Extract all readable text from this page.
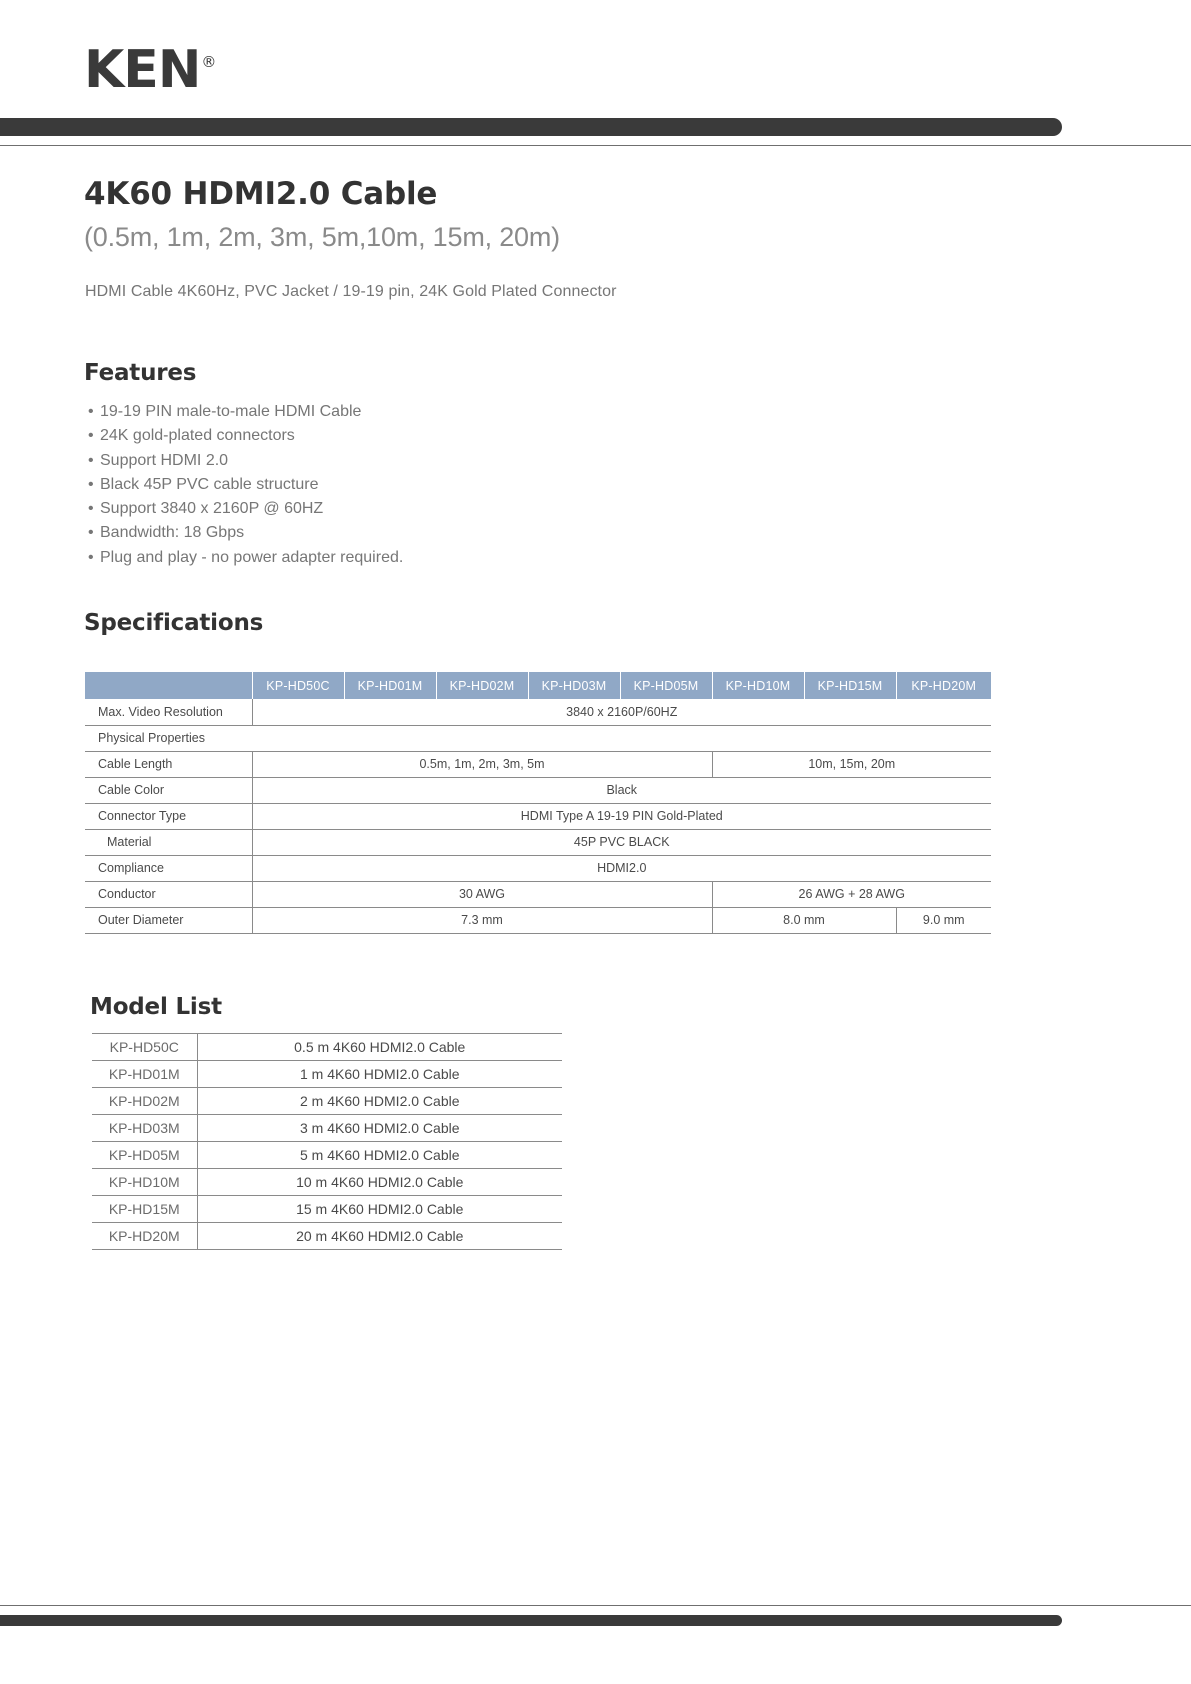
KEN®
4K60 HDMI2.0 Cable
(0.5m, 1m, 2m, 3m, 5m,10m, 15m, 20m)
HDMI Cable 4K60Hz, PVC Jacket / 19-19 pin, 24K Gold Plated Connector
Features
• 19-19 PIN male-to-male HDMI Cable
• 24K gold-plated connectors
• Support HDMI 2.0
• Black 45P PVC cable structure
• Support 3840 x 2160P @ 60HZ
• Bandwidth: 18 Gbps
• Plug and play - no power adapter required.
Specifications
	KP-HD50C	KP-HD01M	KP-HD02M	KP-HD03M	KP-HD05M	KP-HD10M	KP-HD15M	KP-HD20M
Max. Video Resolution	3840 x 2160P/60HZ							
Physical Properties								
Cable Length	0.5m, 1m, 2m, 3m, 5m					10m, 15m, 20m		
Cable Color	Black							
Connector Type	HDMI Type A 19-19 PIN Gold-Plated							
Material	45P PVC BLACK							
Compliance	HDMI2.0							
Conductor	30 AWG					26 AWG + 28 AWG		
Outer Diameter	7.3 mm					8.0 mm		9.0 mm
Model List
KP-HD50C	0.5 m 4K60 HDMI2.0 Cable
KP-HD01M	1 m 4K60 HDMI2.0 Cable
KP-HD02M	2 m 4K60 HDMI2.0 Cable
KP-HD03M	3 m 4K60 HDMI2.0 Cable
KP-HD05M	5 m 4K60 HDMI2.0 Cable
KP-HD10M	10 m 4K60 HDMI2.0 Cable
KP-HD15M	15 m 4K60 HDMI2.0 Cable
KP-HD20M	20 m 4K60 HDMI2.0 Cable
